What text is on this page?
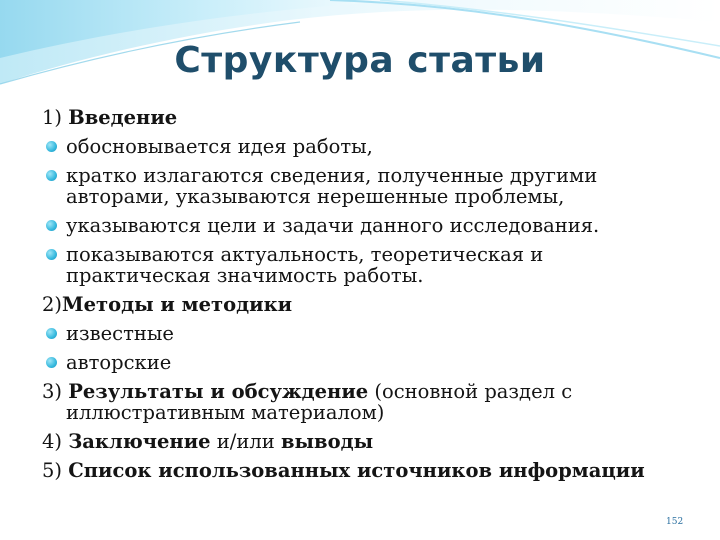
Структура статьи
1) Введение
обосновывается идея работы,
кратко излагаются сведения, полученные другими
авторами, указываются нерешенные проблемы,
указываются цели и задачи данного исследования.
показываются актуальность, теоретическая и
практическая значимость работы.
2)Методы и методики
известные
авторские
3) Результаты и обсуждение (основной раздел с
иллюстративным материалом)
4) Заключение и/или выводы
5) Список использованных источников информации
152
